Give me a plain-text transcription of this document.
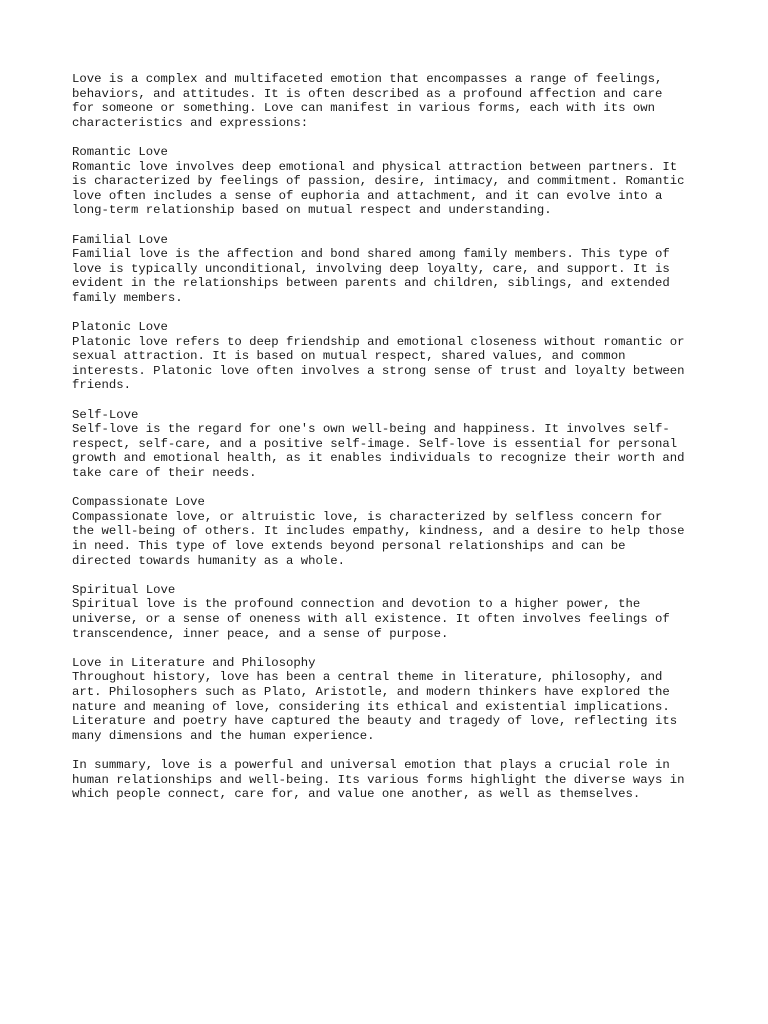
Love is a complex and multifaceted emotion that encompasses a range of feelings,

behaviors, and attitudes. It is often described as a profound affection and care

for someone or something. Love can manifest in various forms, each with its own

characteristics and expressions:

Romantic Love

Romantic love involves deep emotional and physical attraction between partners. It

is characterized by feelings of passion, desire, intimacy, and commitment. Romantic

love often includes a sense of euphoria and attachment, and it can evolve into a

long-term relationship based on mutual respect and understanding.

Familial Love

Familial love is the affection and bond shared among family members. This type of

love is typically unconditional, involving deep loyalty, care, and support. It is

evident in the relationships between parents and children, siblings, and extended

family members.

Platonic Love

Platonic love refers to deep friendship and emotional closeness without romantic or

sexual attraction. It is based on mutual respect, shared values, and common

interests. Platonic love often involves a strong sense of trust and loyalty between

friends.

Self-Love

Self-love is the regard for one's own well-being and happiness. It involves self-

respect, self-care, and a positive self-image. Self-love is essential for personal

growth and emotional health, as it enables individuals to recognize their worth and

take care of their needs.

Compassionate Love

Compassionate love, or altruistic love, is characterized by selfless concern for

the well-being of others. It includes empathy, kindness, and a desire to help those

in need. This type of love extends beyond personal relationships and can be

directed towards humanity as a whole.

Spiritual Love

Spiritual love is the profound connection and devotion to a higher power, the

universe, or a sense of oneness with all existence. It often involves feelings of

transcendence, inner peace, and a sense of purpose.

Love in Literature and Philosophy

Throughout history, love has been a central theme in literature, philosophy, and

art. Philosophers such as Plato, Aristotle, and modern thinkers have explored the

nature and meaning of love, considering its ethical and existential implications.

Literature and poetry have captured the beauty and tragedy of love, reflecting its

many dimensions and the human experience.

In summary, love is a powerful and universal emotion that plays a crucial role in

human relationships and well-being. Its various forms highlight the diverse ways in

which people connect, care for, and value one another, as well as themselves.
